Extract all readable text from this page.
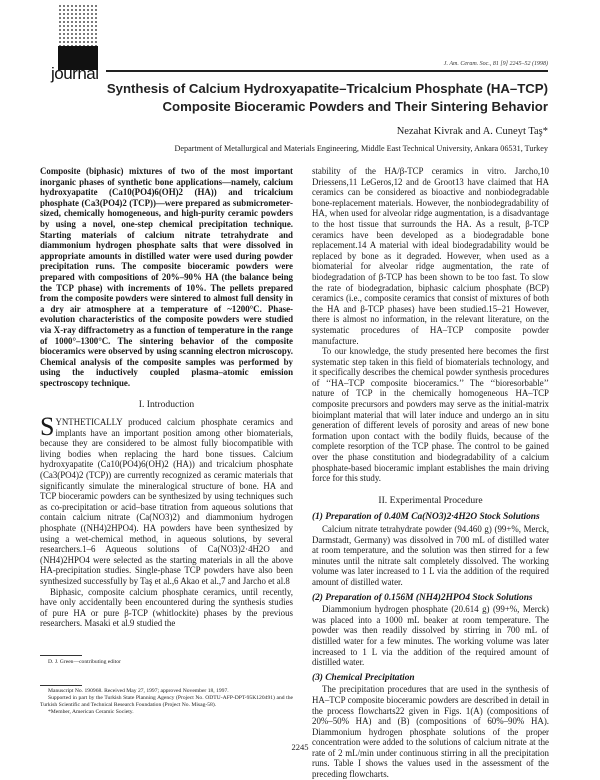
journal	J. Am. Ceram. Soc., 81 [9] 2245–52 (1998)
Synthesis of Calcium Hydroxyapatite–Tricalcium Phosphate (HA–TCP)
Composite Bioceramic Powders and Their Sintering Behavior
Nezahat Kivrak and A. Cuneyt Taş*
Department of Metallurgical and Materials Engineering, Middle East Technical University, Ankara 06531, Turkey

Composite (biphasic) mixtures of two of the most important inorganic phases of synthetic bone applications—namely, calcium hydroxyapatite (Ca10(PO4)6(OH)2 (HA)) and tricalcium phosphate (Ca3(PO4)2 (TCP))—were prepared as submicrometer-sized, chemically homogeneous, and high-purity ceramic powders by using a novel, one-step chemical precipitation technique. Starting materials of calcium nitrate tetrahydrate and diammonium hydrogen phosphate salts that were dissolved in appropriate amounts in distilled water were used during powder precipitation runs. The composite bioceramic powders were prepared with compositions of 20%–90% HA (the balance being the TCP phase) with increments of 10%. The pellets prepared from the composite powders were sintered to almost full density in a dry air atmosphere at a temperature of ~1200°C. Phase-evolution characteristics of the composite powders were studied via X-ray diffractometry as a function of temperature in the range of 1000°–1300°C. The sintering behavior of the composite bioceramics were observed by using scanning electron microscopy. Chemical analysis of the composite samples was performed by using the inductively coupled plasma–atomic emission spectroscopy technique.

I. Introduction

SYNTHETICALLY produced calcium phosphate ceramics and implants have an important position among other biomaterials, because they are considered to be almost fully biocompatible with living bodies when replacing the hard bone tissues. Calcium hydroxyapatite (Ca10(PO4)6(OH)2 (HA)) and tricalcium phosphate (Ca3(PO4)2 (TCP)) are currently recognized as ceramic materials that significantly simulate the mineralogical structure of bone. HA and TCP bioceramic powders can be synthesized by using techniques such as co-precipitation or acid–base titration from aqueous solutions that contain calcium nitrate (Ca(NO3)2) and diammonium hydrogen phosphate ((NH4)2HPO4). HA powders have been synthesized by using a wet-chemical method, in aqueous solutions, by several researchers.1–6 Aqueous solutions of Ca(NO3)2·4H2O and (NH4)2HPO4 were selected as the starting materials in all the above HA-precipitation studies. Single-phase TCP powders have also been synthesized successfully by Taş et al.,6 Akao et al.,7 and Jarcho et al.8

Biphasic, composite calcium phosphate ceramics, until recently, have only accidentally been encountered during the synthesis studies of pure HA or pure β-TCP (whitlockite) phases by the previous researchers. Masaki et al.9 studied the

stability of the HA/β-TCP ceramics in vitro. Jarcho,10 Driessens,11 LeGeros,12 and de Groot13 have claimed that HA ceramics can be considered as bioactive and nonbiodegradable bone-replacement materials. However, the nonbiodegradability of HA, when used for alveolar ridge augmentation, is a disadvantage to the host tissue that surrounds the HA. As a result, β-TCP ceramics have been developed as a biodegradable bone replacement.14 A material with ideal biodegradability would be replaced by bone as it degraded. However, when used as a biomaterial for alveolar ridge augmentation, the rate of biodegradation of β-TCP has been shown to be too fast. To slow the rate of biodegradation, biphasic calcium phosphate (BCP) ceramics (i.e., composite ceramics that consist of mixtures of both the HA and β-TCP phases) have been studied.15–21 However, there is almost no information, in the relevant literature, on the systematic procedures of HA–TCP composite powder manufacture.

To our knowledge, the study presented here becomes the first systematic step taken in this field of biomaterials technology, and it specifically describes the chemical powder synthesis procedures of ‘‘HA–TCP composite bioceramics.’’ The ‘‘bioresorbable’’ nature of TCP in the chemically homogeneous HA–TCP composite precursors and powders may serve as the initial-matrix bioimplant material that will later induce and undergo an in situ generation of different levels of porosity and areas of new bone formation upon contact with the bodily fluids, because of the complete resorption of the TCP phase. The control to be gained over the phase constitution and biodegradability of a calcium phosphate-based bioceramic implant establishes the main driving force for this study.

II. Experimental Procedure
(1) Preparation of 0.40M Ca(NO3)2·4H2O Stock Solutions

Calcium nitrate tetrahydrate powder (94.460 g) (99+%, Merck, Darmstadt, Germany) was dissolved in 700 mL of distilled water at room temperature, and the solution was then stirred for a few minutes until the nitrate salt completely dissolved. The working volume was later increased to 1 L via the addition of the required amount of distilled water.

(2) Preparation of 0.156M (NH4)2HPO4 Stock Solutions

Diammonium hydrogen phosphate (20.614 g) (99+%, Merck) was placed into a 1000 mL beaker at room temperature. The powder was then readily dissolved by stirring in 700 mL of distilled water for a few minutes. The working volume was later increased to 1 L via the addition of the required amount of distilled water.

(3) Chemical Precipitation

The precipitation procedures that are used in the synthesis of HA–TCP composite bioceramic powders are described in detail in the process flowcharts22 given in Figs. 1(A) (compositions of 20%–50% HA) and (B) (compositions of 60%–90% HA). Diammonium hydrogen phosphate solutions of the proper concentration were added to the solutions of calcium nitrate at the rate of 2 mL/min under continuous stirring in all the precipitation runs. Table I shows the values used in the assessment of the preceding flowcharts.

D. J. Green—contributing editor
Manuscript No. 190968. Received May 27, 1997; approved November 18, 1997.
Supported in part by the Turkish State Planning Agency (Project No. ODTU-AFP-DPT-95K120491) and the Turkish Scientific and Technical Research Foundation (Project No. Misag-58).
*Member, American Ceramic Society.
2245
